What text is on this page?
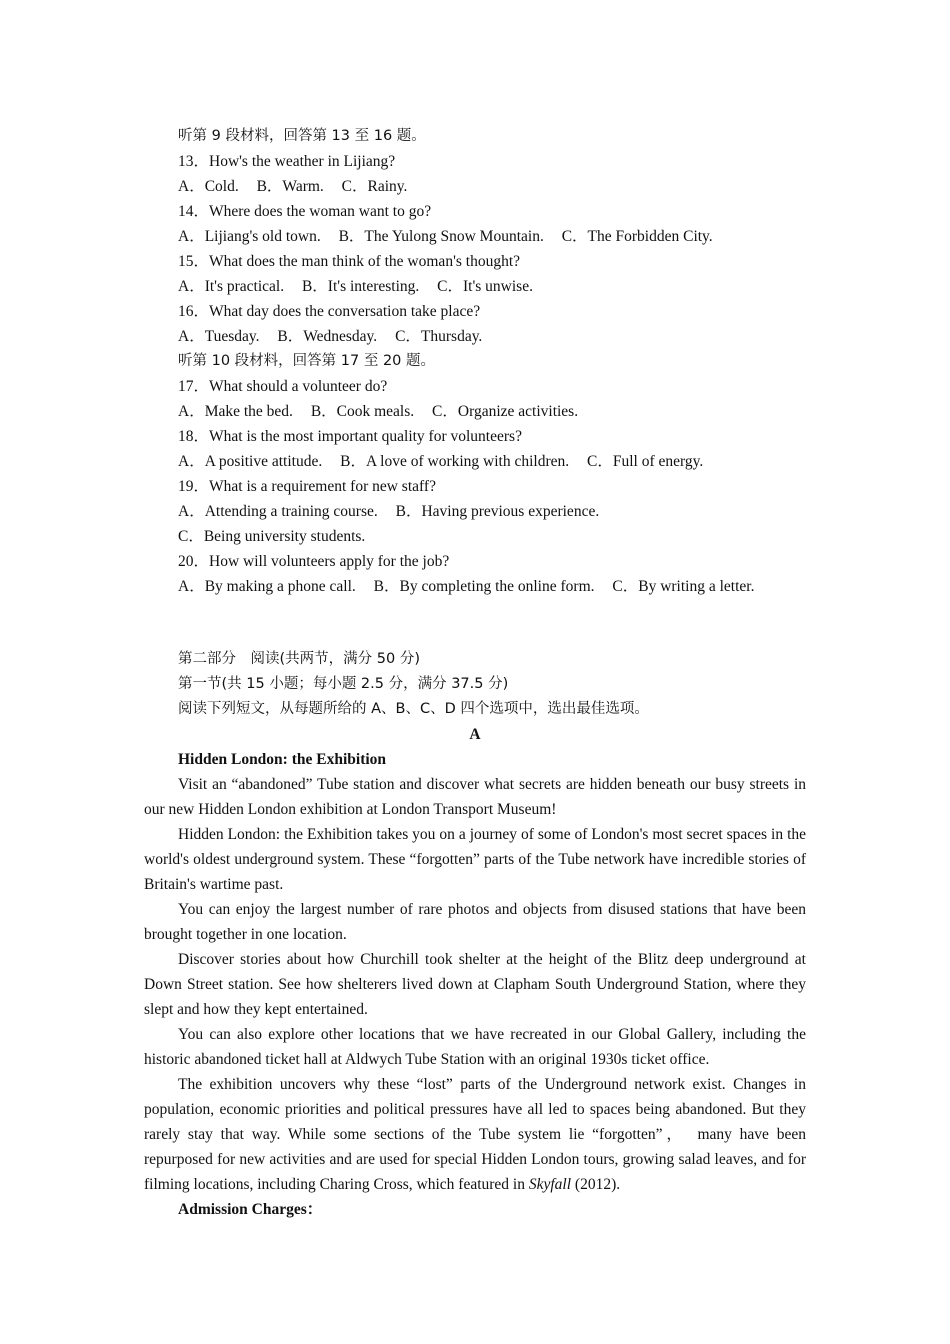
听第 9 段材料，回答第 13 至 16 题。
13．How's the weather in Lijiang?
A．Cold. B．Warm. C．Rainy.
14．Where does the woman want to go?
A．Lijiang's old town. B．The Yulong Snow Mountain. C．The Forbidden City.
15．What does the man think of the woman's thought?
A．It's practical. B．It's interesting. C．It's unwise.
16．What day does the conversation take place?
A．Tuesday. B．Wednesday. C．Thursday.
听第 10 段材料，回答第 17 至 20 题。
17．What should a volunteer do?
A．Make the bed. B．Cook meals. C．Organize activities.
18．What is the most important quality for volunteers?
A．A positive attitude. B．A love of working with children. C．Full of energy.
19．What is a requirement for new staff?
A．Attending a training course. B．Having previous experience.
C．Being university students.
20．How will volunteers apply for the job?
A．By making a phone call. B．By completing the online form. C．By writing a letter.
第二部分　阅读(共两节，满分 50 分)
第一节(共 15 小题；每小题 2.5 分，满分 37.5 分)
阅读下列短文，从每题所给的 A、B、C、D 四个选项中，选出最佳选项。
A
Hidden London: the Exhibition

Visit an “abandoned” Tube station and discover what secrets are hidden beneath our busy streets in our new Hidden London exhibition at London Transport Museum!

Hidden London: the Exhibition takes you on a journey of some of London's most secret spaces in the world's oldest underground system. These “forgotten” parts of the Tube network have incredible stories of Britain's wartime past.

You can enjoy the largest number of rare photos and objects from disused stations that have been brought together in one location.

Discover stories about how Churchill took shelter at the height of the Blitz deep underground at Down Street station. See how shelterers lived down at Clapham South Underground Station, where they slept and how they kept entertained.

You can also explore other locations that we have recreated in our Global Gallery, including the historic abandoned ticket hall at Aldwych Tube Station with an original 1930s ticket office.

The exhibition uncovers why these “lost” parts of the Underground network exist. Changes in population, economic priorities and political pressures have all led to spaces being abandoned. But they rarely stay that way. While some sections of the Tube system lie “forgotten”，　many have been repurposed for new activities and are used for special Hidden London tours, growing salad leaves, and for filming locations, including Charing Cross, which featured in Skyfall (2012).

Admission Charges：
